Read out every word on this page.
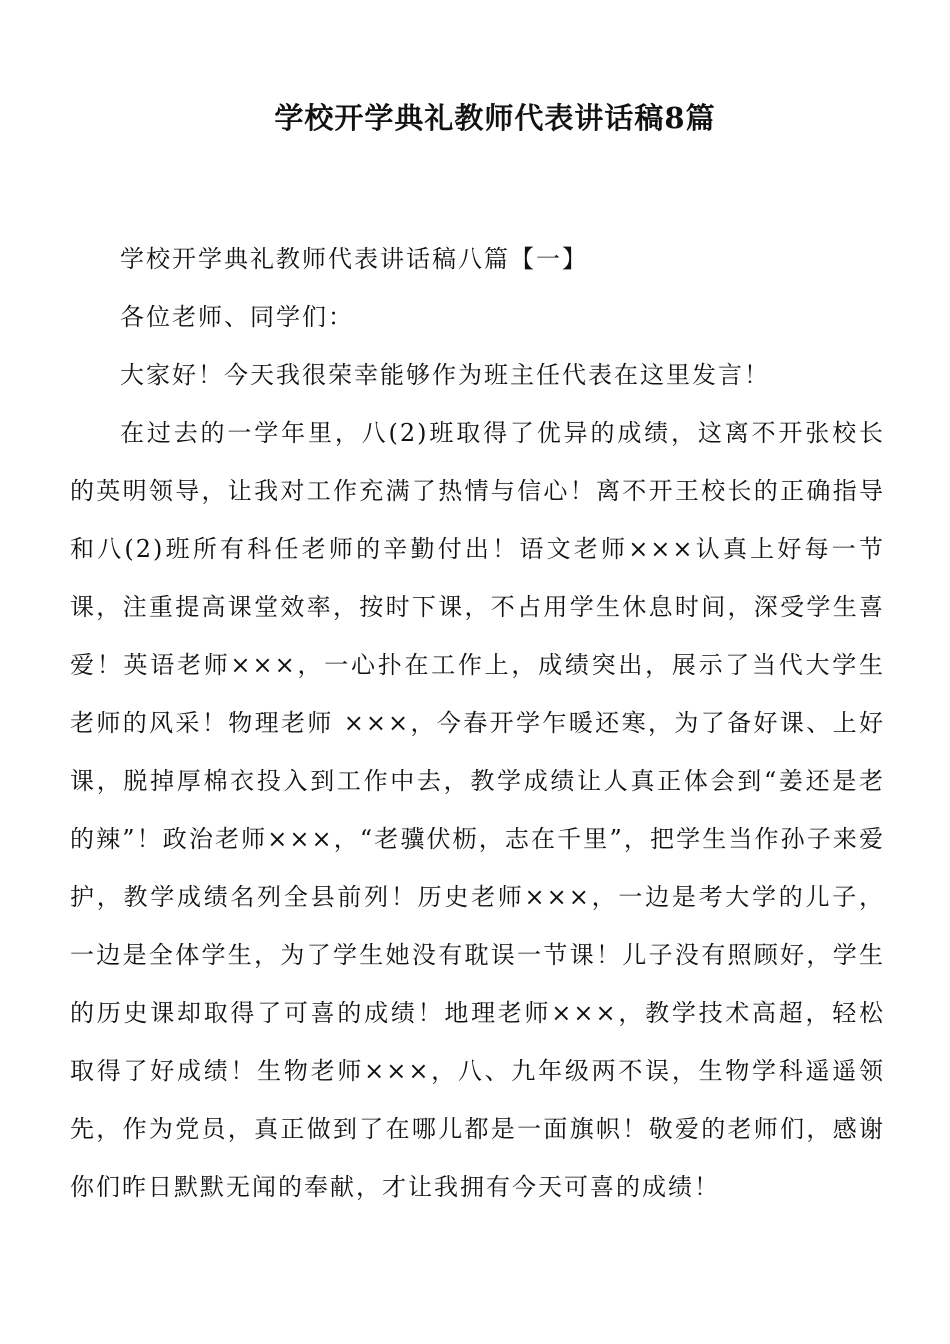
学校开学典礼教师代表讲话稿8篇

学校开学典礼教师代表讲话稿八篇【一】

各位老师、同学们：

大家好！今天我很荣幸能够作为班主任代表在这里发言！

在过去的一学年里，八(2)班取得了优异的成绩，这离不开张校长的英明领导，让我对工作充满了热情与信心！离不开王校长的正确指导和八(2)班所有科任老师的辛勤付出！语文老师×××认真上好每一节课，注重提高课堂效率，按时下课，不占用学生休息时间，深受学生喜爱！英语老师×××，一心扑在工作上，成绩突出，展示了当代大学生老师的风采！物理老师 ×××，今春开学乍暖还寒，为了备好课、上好课，脱掉厚棉衣投入到工作中去，教学成绩让人真正体会到“姜还是老的辣”！政治老师×××，“老骥伏枥，志在千里”，把学生当作孙子来爱护，教学成绩名列全县前列！历史老师×××，一边是考大学的儿子，一边是全体学生，为了学生她没有耽误一节课！儿子没有照顾好，学生的历史课却取得了可喜的成绩！地理老师×××，教学技术高超，轻松取得了好成绩！生物老师×××，八、九年级两不误，生物学科遥遥领先，作为党员，真正做到了在哪儿都是一面旗帜！敬爱的老师们，感谢你们昨日默默无闻的奉献，才让我拥有今天可喜的成绩！
